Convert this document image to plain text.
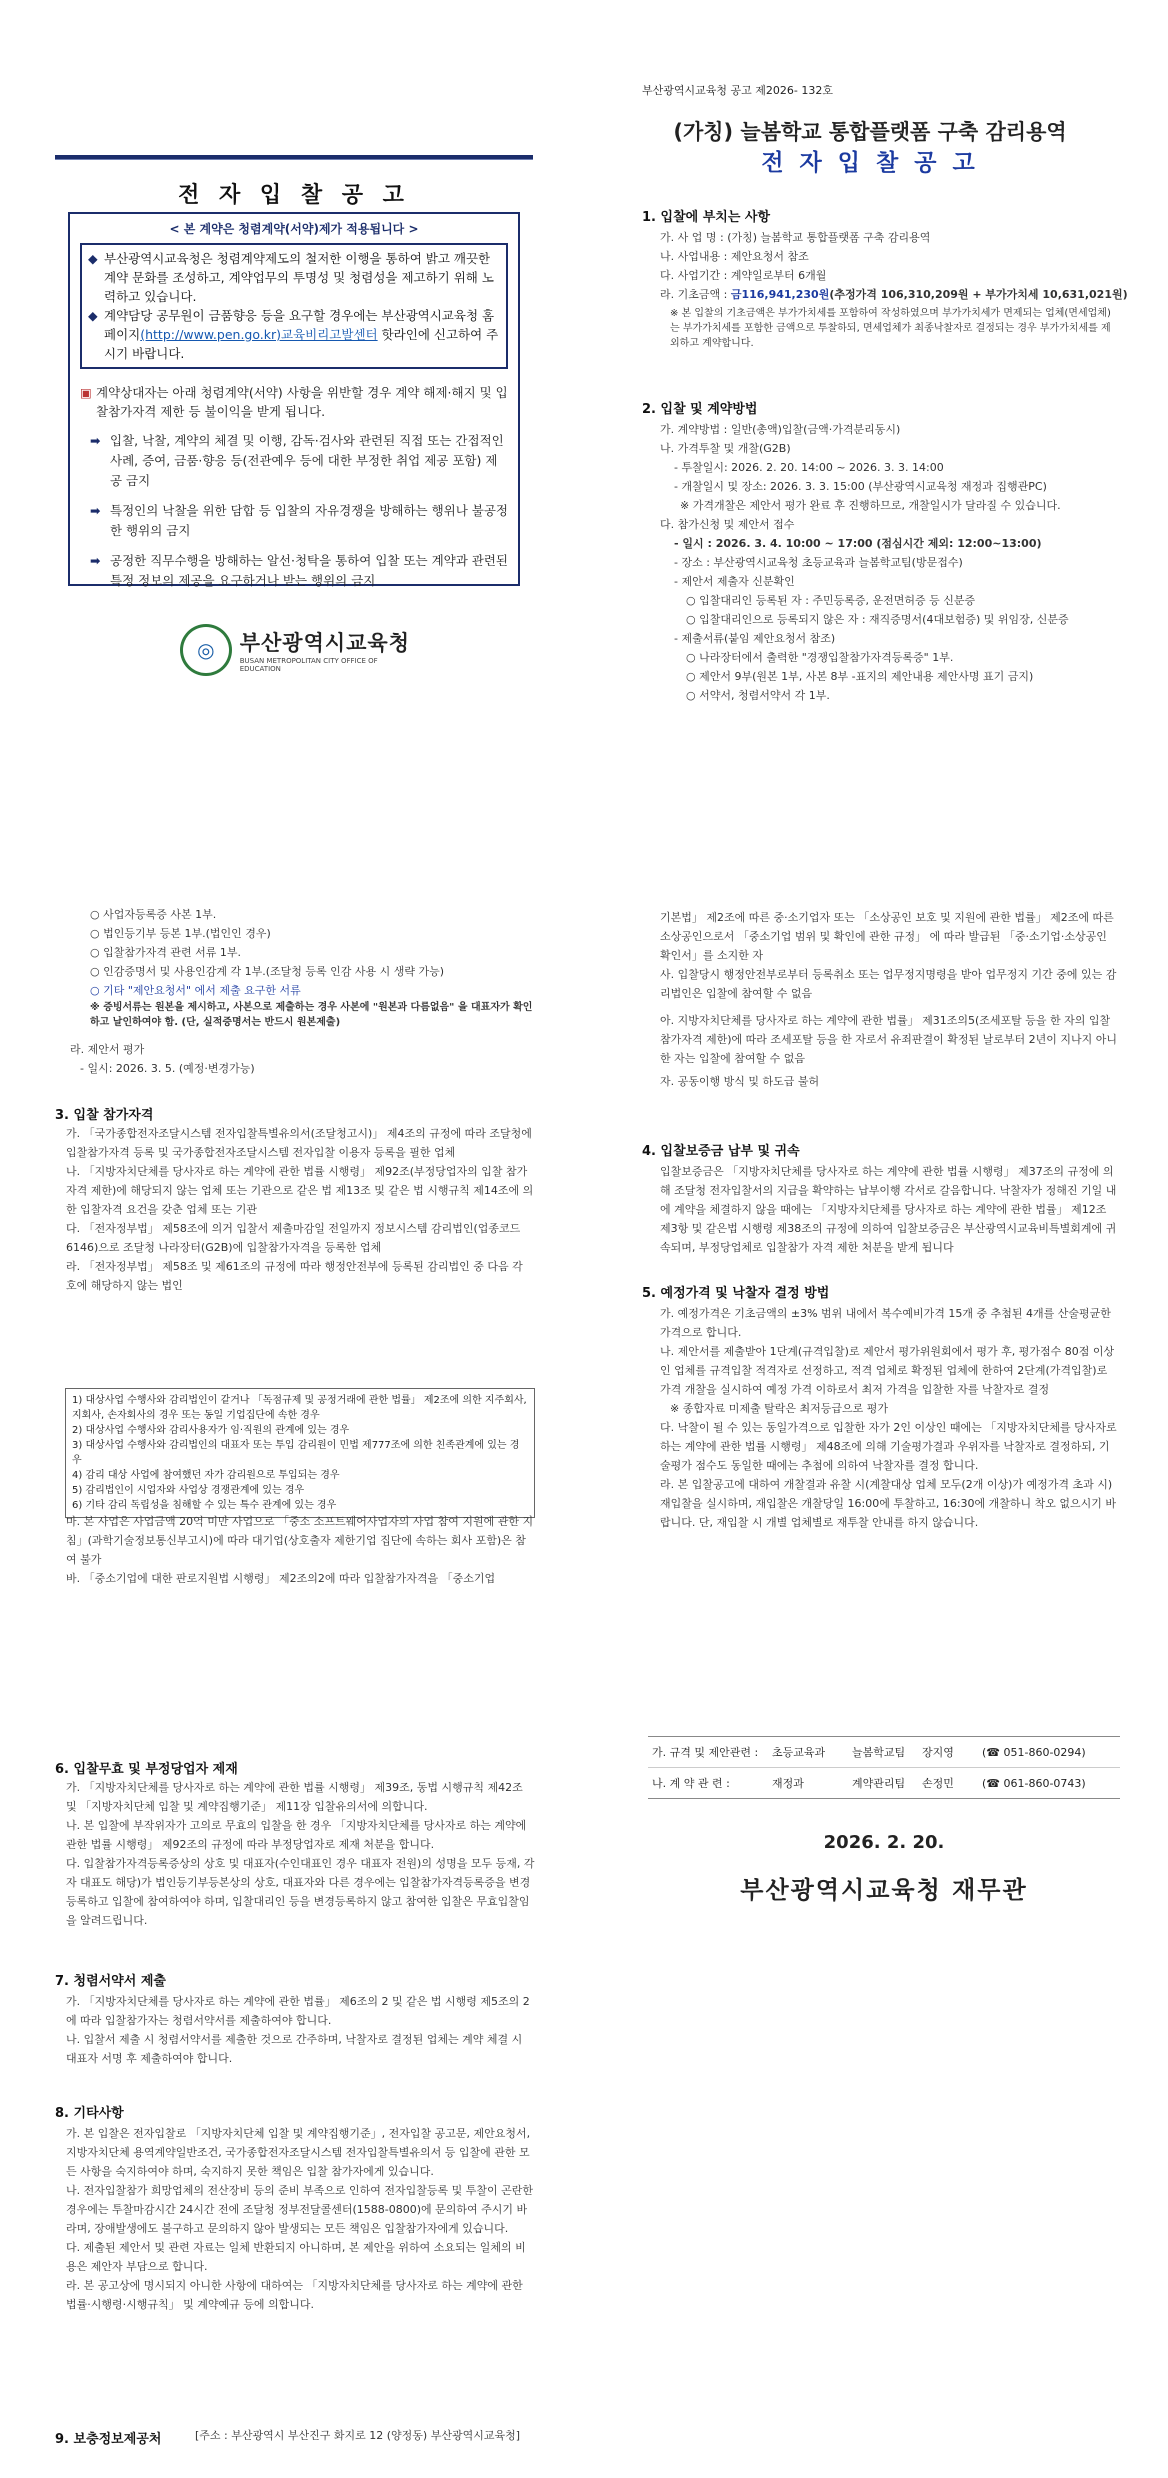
전 자 입 찰 공 고
< 본 계약은 청렴계약(서약)제가 적용됩니다 >
◆ 부산광역시교육청은 청렴계약제도의 철저한 이행을 통하여 밝고 깨끗한 계약 문화를 조성하고, 계약업무의 투명성 및 청렴성을 제고하기 위해 노력하고 있습니다.
◆ 계약담당 공무원이 금품향응 등을 요구할 경우에는 부산광역시교육청 홈페이지(http://www.pen.go.kr)교육비리고발센터 핫라인에 신고하여 주시기 바랍니다.
▣ 계약상대자는 아래 청렴계약(서약) 사항을 위반할 경우 계약 해제·해지 및 입찰참가자격 제한 등 불이익을 받게 됩니다.
➡ 입찰, 낙찰, 계약의 체결 및 이행, 감독·검사와 관련된 직접 또는 간접적인 사례, 증여, 금품·향응 등(전관예우 등에 대한 부정한 취업 제공 포함) 제공 금지
➡ 특정인의 낙찰을 위한 담합 등 입찰의 자유경쟁을 방해하는 행위나 불공정한 행위의 금지
➡ 공정한 직무수행을 방해하는 알선·청탁을 통하여 입찰 또는 계약과 관련된 특정 정보의 제공을 요구하거나 받는 행위의 금지
◎	부산광역시교육청
BUSAN METROPOLITAN CITY OFFICE OF EDUCATION
부산광역시교육청 공고 제2026- 132호
(가칭) 늘봄학교 통합플랫폼 구축 감리용역
전 자 입 찰 공 고
1. 입찰에 부치는 사항
가. 사 업 명 : (가칭) 늘봄학교 통합플랫폼 구축 감리용역
나. 사업내용 : 제안요청서 참조
다. 사업기간 : 계약일로부터 6개월
라. 기초금액 : 금116,941,230원(추정가격 106,310,209원 + 부가가치세 10,631,021원)
※ 본 입찰의 기초금액은 부가가치세를 포함하여 작성하였으며 부가가치세가 면제되는 업체(면세업체)는 부가가치세를 포함한 금액으로 투찰하되, 면세업체가 최종낙찰자로 결정되는 경우 부가가치세를 제외하고 계약합니다.
2. 입찰 및 계약방법
가. 계약방법 : 일반(총액)입찰(금액·가격분리동시)
나. 가격투찰 및 개찰(G2B)
- 투찰일시: 2026. 2. 20. 14:00 ~ 2026. 3. 3. 14:00
- 개찰일시 및 장소: 2026. 3. 3. 15:00 (부산광역시교육청 재정과 집행관PC)
※ 가격개찰은 제안서 평가 완료 후 진행하므로, 개찰일시가 달라질 수 있습니다.
다. 참가신청 및 제안서 접수
- 일시 : 2026. 3. 4. 10:00 ~ 17:00 (점심시간 제외: 12:00~13:00)
- 장소 : 부산광역시교육청 초등교육과 늘봄학교팀(방문접수)
- 제안서 제출자 신분확인
○ 입찰대리인 등록된 자 : 주민등록증, 운전면허증 등 신분증
○ 입찰대리인으로 등록되지 않은 자 : 재직증명서(4대보험증) 및 위임장, 신분증
- 제출서류(붙임 제안요청서 참조)
○ 나라장터에서 출력한 "경쟁입찰참가자격등록증" 1부.
○ 제안서 9부(원본 1부, 사본 8부 -표지의 제안내용 제안사명 표기 금지)
○ 서약서, 청렴서약서 각 1부.
○ 사업자등록증 사본 1부.
○ 법인등기부 등본 1부.(법인인 경우)
○ 입찰참가자격 관련 서류 1부.
○ 인감증명서 및 사용인감계 각 1부.(조달청 등록 인감 사용 시 생략 가능)
○ 기타 "제안요청서" 에서 제출 요구한 서류
※ 증빙서류는 원본을 제시하고, 사본으로 제출하는 경우 사본에 "원본과 다름없음" 을 대표자가 확인하고 날인하여야 함. (단, 실적증명서는 반드시 원본제출)
라. 제안서 평가
- 일시: 2026. 3. 5. (예정·변경가능)
3. 입찰 참가자격
가. 「국가종합전자조달시스템 전자입찰특별유의서(조달청고시)」 제4조의 규정에 따라 조달청에 입찰참가자격 등록 및 국가종합전자조달시스템 전자입찰 이용자 등록을 필한 업체
나. 「지방자치단체를 당사자로 하는 계약에 관한 법률 시행령」 제92조(부정당업자의 입찰 참가자격 제한)에 해당되지 않는 업체 또는 기관으로 같은 법 제13조 및 같은 법 시행규칙 제14조에 의한 입찰자격 요건을 갖춘 업체 또는 기관
다. 「전자정부법」 제58조에 의거 입찰서 제출마감일 전일까지 정보시스템 감리법인(업종코드6146)으로 조달청 나라장터(G2B)에 입찰참가자격을 등록한 업체
라. 「전자정부법」 제58조 및 제61조의 규정에 따라 행정안전부에 등록된 감리법인 중 다음 각 호에 해당하지 않는 법인
1) 대상사업 수행사와 감리법인이 같거나 「독점규제 및 공정거래에 관한 법률」 제2조에 의한 지주회사, 지회사, 손자회사의 경우 또는 동일 기업집단에 속한 경우
2) 대상사업 수행사와 감리사용자가 임·직원의 관계에 있는 경우
3) 대상사업 수행사와 감리법인의 대표자 또는 투입 감리원이 민법 제777조에 의한 친족관계에 있는 경우
4) 감리 대상 사업에 참여했던 자가 감리원으로 투입되는 경우
5) 감리법인이 시업자와 사업상 경쟁관계에 있는 경우
6) 기타 감리 독립성을 침해할 수 있는 특수 관계에 있는 경우
마. 본 사업은 사업금액 20억 미만 사업으로 「중소 소프트웨어사업자의 사업 참여 지원에 관한 지침」(과학기술정보통신부고시)에 따라 대기업(상호출자 제한기업 집단에 속하는 회사 포함)은 참여 불가
바. 「중소기업에 대한 판로지원법 시행령」 제2조의2에 따라 입찰참가자격을 「중소기업
기본법」 제2조에 따른 중·소기업자 또는 「소상공인 보호 및 지원에 관한 법률」 제2조에 따른 소상공인으로서 「중소기업 범위 및 확인에 관한 규정」 에 따라 발급된 「중·소기업·소상공인 확인서」를 소지한 자
사. 입찰당시 행정안전부로부터 등록취소 또는 업무정지명령을 받아 업무정지 기간 중에 있는 감리법인은 입찰에 참여할 수 없음
아. 지방자치단체를 당사자로 하는 계약에 관한 법률」 제31조의5(조세포탈 등을 한 자의 입찰참가자격 제한)에 따라 조세포탈 등을 한 자로서 유죄판결이 확정된 날로부터 2년이 지나지 아니한 자는 입찰에 참여할 수 없음
자. 공동이행 방식 및 하도급 불허
4. 입찰보증금 납부 및 귀속
입찰보증금은 「지방자치단체를 당사자로 하는 계약에 관한 법률 시행령」 제37조의 규정에 의해 조달청 전자입찰서의 지급을 확약하는 납부이행 각서로 갈음합니다. 낙찰자가 정해진 기일 내에 계약을 체결하지 않을 때에는 「지방자치단체를 당사자로 하는 계약에 관한 법률」 제12조 제3항 및 같은법 시행령 제38조의 규정에 의하여 입찰보증금은 부산광역시교육비특별회계에 귀속되며, 부정당업체로 입찰참가 자격 제한 처분을 받게 됩니다
5. 예정가격 및 낙찰자 결정 방법
가. 예정가격은 기초금액의 ±3% 범위 내에서 복수예비가격 15개 중 추첨된 4개를 산술평균한 가격으로 합니다.
나. 제안서를 제출받아 1단계(규격입찰)로 제안서 평가위원회에서 평가 후, 평가점수 80점 이상인 업체를 규격입찰 적격자로 선정하고, 적격 업체로 확정된 업체에 한하여 2단계(가격입찰)로 가격 개찰을 실시하여 예정 가격 이하로서 최저 가격을 입찰한 자를 낙찰자로 결정
※ 종합자료 미제출 탈락은 최저등급으로 평가
다. 낙찰이 될 수 있는 동일가격으로 입찰한 자가 2인 이상인 때에는 「지방자치단체를 당사자로 하는 계약에 관한 법률 시행령」 제48조에 의해 기술평가결과 우위자를 낙찰자로 결정하되, 기술평가 점수도 동일한 때에는 추첨에 의하여 낙찰자를 결정 합니다.
라. 본 입찰공고에 대하여 개찰결과 유찰 시(계찰대상 업체 모두(2개 이상)가 예정가격 초과 시) 재입찰을 실시하며, 재입찰은 개찰당일 16:00에 투찰하고, 16:30에 개찰하니 착오 없으시기 바랍니다. 단, 재입찰 시 개별 업체별로 재투찰 안내를 하지 않습니다.
6. 입찰무효 및 부정당업자 제재
가. 「지방자치단체를 당사자로 하는 계약에 관한 법률 시행령」 제39조, 동법 시행규칙 제42조 및 「지방자치단체 입찰 및 계약집행기준」 제11장 입찰유의서에 의합니다.
나. 본 입찰에 부작위자가 고의로 무효의 입찰을 한 경우 「지방자치단체를 당사자로 하는 계약에 관한 법률 시행령」 제92조의 규정에 따라 부정당업자로 제재 처분을 합니다.
다. 입찰참가자격등록증상의 상호 및 대표자(수인대표인 경우 대표자 전원)의 성명을 모두 등재, 각자 대표도 해당)가 법인등기부등본상의 상호, 대표자와 다른 경우에는 입찰참가자격등록증을 변경등록하고 입찰에 참여하여야 하며, 입찰대리인 등을 변경등록하지 않고 참여한 입찰은 무효입찰임을 알려드립니다.
7. 청렴서약서 제출
가. 「지방자치단체를 당사자로 하는 계약에 관한 법률」 제6조의 2 및 같은 법 시행령 제5조의 2에 따라 입찰참가자는 청렴서약서를 제출하여야 합니다.
나. 입찰서 제출 시 청렴서약서를 제출한 것으로 간주하며, 낙찰자로 결정된 업체는 계약 체결 시 대표자 서명 후 제출하여야 합니다.
8. 기타사항
가. 본 입찰은 전자입찰로 「지방자치단체 입찰 및 계약집행기준」, 전자입찰 공고문, 제안요청서, 지방자치단체 용역계약일반조건, 국가종합전자조달시스템 전자입찰특별유의서 등 입찰에 관한 모든 사항을 숙지하여야 하며, 숙지하지 못한 책임은 입찰 참가자에게 있습니다.
나. 전자입찰참가 희망업체의 전산장비 등의 준비 부족으로 인하여 전자입찰등록 및 투찰이 곤란한 경우에는 투찰마감시간 24시간 전에 조달청 정부전달콜센터(1588-0800)에 문의하여 주시기 바라며, 장애발생에도 불구하고 문의하지 않아 발생되는 모든 책임은 입찰참가자에게 있습니다.
다. 제출된 제안서 및 관련 자료는 일체 반환되지 아니하며, 본 제안을 위하여 소요되는 일체의 비용은 제안자 부담으로 합니다.
라. 본 공고상에 명시되지 아니한 사항에 대하여는 「지방자치단체를 당사자로 하는 계약에 관한 법률·시행령·시행규칙」 및 계약예규 등에 의합니다.
9. 보충정보제공처	[주소 : 부산광역시 부산진구 화지로 12 (양정동) 부산광역시교육청]
가. 규격 및 제안관련 :	초등교육과	늘봄학교팀	장지영	(☎ 051-860-0294)
나. 계 약 관 련 :	재정과	계약관리팀	손정민	(☎ 061-860-0743)
2026. 2. 20.
부산광역시교육청 재무관
